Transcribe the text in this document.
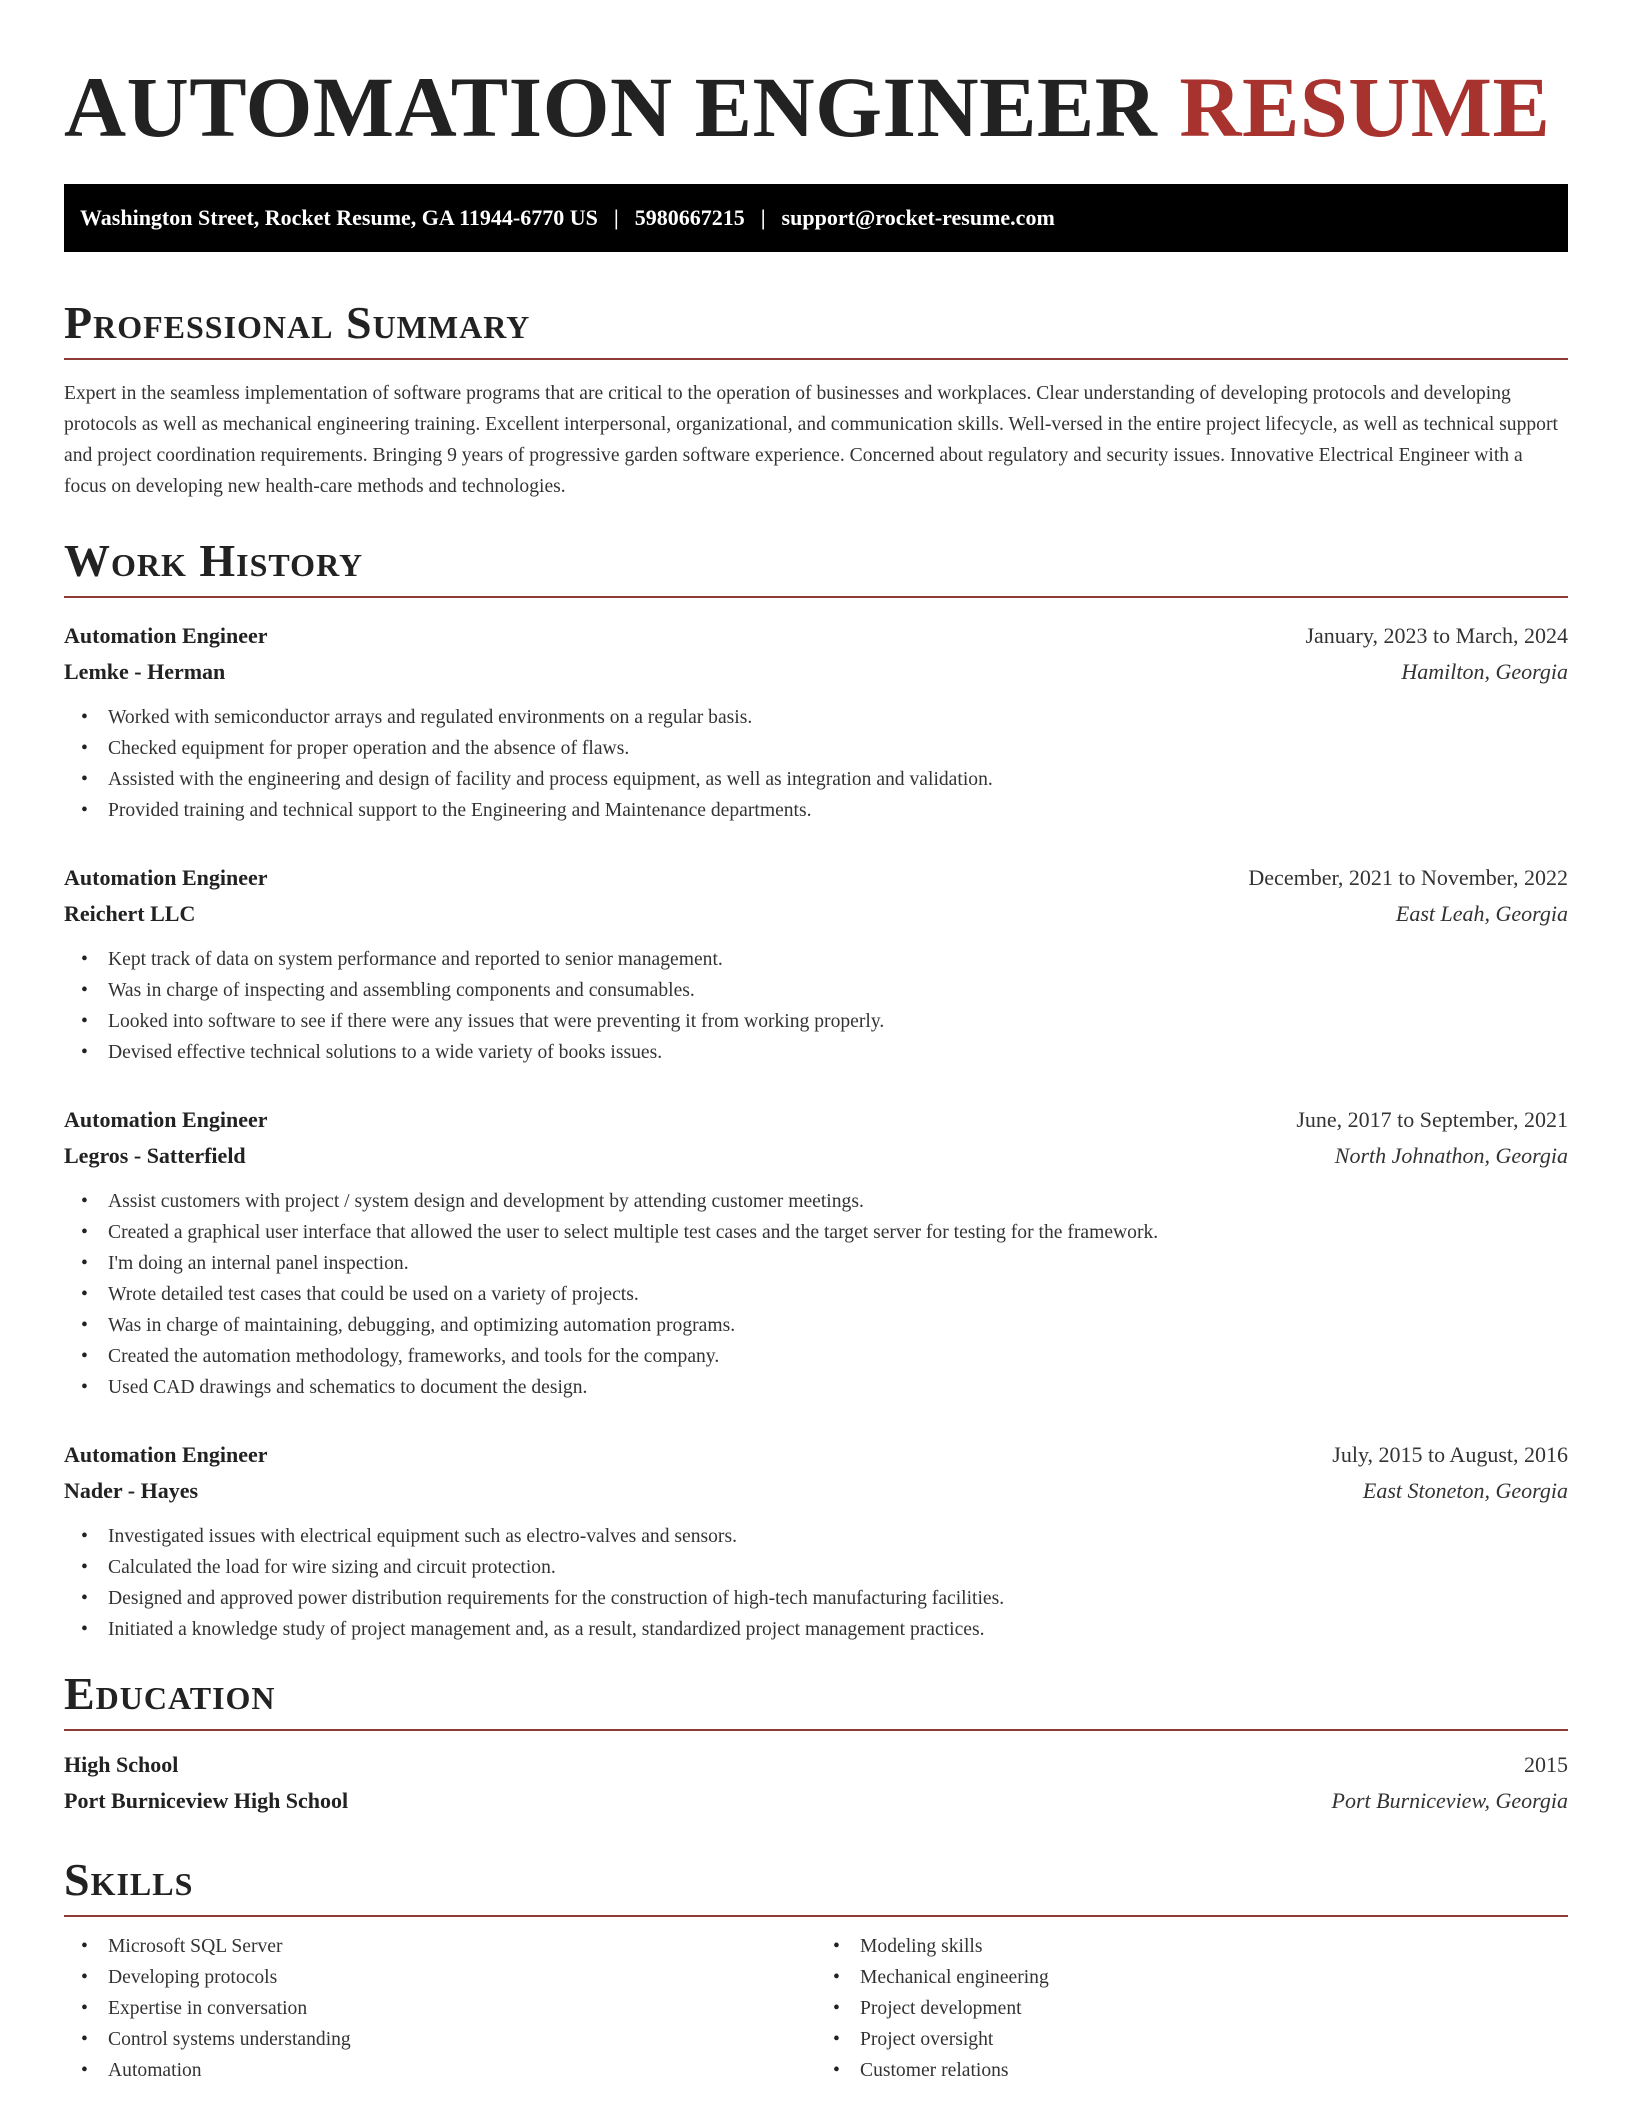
AUTOMATION ENGINEER RESUME
Washington Street, Rocket Resume, GA 11944-6770 US | 5980667215 | support@rocket-resume.com
Professional Summary

Expert in the seamless implementation of software programs that are critical to the operation of businesses and workplaces. Clear understanding of developing protocols and developing protocols as well as mechanical engineering training. Excellent interpersonal, organizational, and communication skills. Well-versed in the entire project lifecycle, as well as technical support and project coordination requirements. Bringing 9 years of progressive garden software experience. Concerned about regulatory and security issues. Innovative Electrical Engineer with a focus on developing new health-care methods and technologies.

Work History
Automation Engineer	January, 2023 to March, 2024
Lemke - Herman	Hamilton, Georgia
• Worked with semiconductor arrays and regulated environments on a regular basis.
• Checked equipment for proper operation and the absence of flaws.
• Assisted with the engineering and design of facility and process equipment, as well as integration and validation.
• Provided training and technical support to the Engineering and Maintenance departments.
Automation Engineer	December, 2021 to November, 2022
Reichert LLC	East Leah, Georgia
• Kept track of data on system performance and reported to senior management.
• Was in charge of inspecting and assembling components and consumables.
• Looked into software to see if there were any issues that were preventing it from working properly.
• Devised effective technical solutions to a wide variety of books issues.
Automation Engineer	June, 2017 to September, 2021
Legros - Satterfield	North Johnathon, Georgia
• Assist customers with project / system design and development by attending customer meetings.
• Created a graphical user interface that allowed the user to select multiple test cases and the target server for testing for the framework.
• I'm doing an internal panel inspection.
• Wrote detailed test cases that could be used on a variety of projects.
• Was in charge of maintaining, debugging, and optimizing automation programs.
• Created the automation methodology, frameworks, and tools for the company.
• Used CAD drawings and schematics to document the design.
Automation Engineer	July, 2015 to August, 2016
Nader - Hayes	East Stoneton, Georgia
• Investigated issues with electrical equipment such as electro-valves and sensors.
• Calculated the load for wire sizing and circuit protection.
• Designed and approved power distribution requirements for the construction of high-tech manufacturing facilities.
• Initiated a knowledge study of project management and, as a result, standardized project management practices.
Education
High School	2015
Port Burniceview High School	Port Burniceview, Georgia
Skills
• Microsoft SQL Server
• Developing protocols
• Expertise in conversation
• Control systems understanding
• Automation
• Modeling skills
• Mechanical engineering
• Project development
• Project oversight
• Customer relations
